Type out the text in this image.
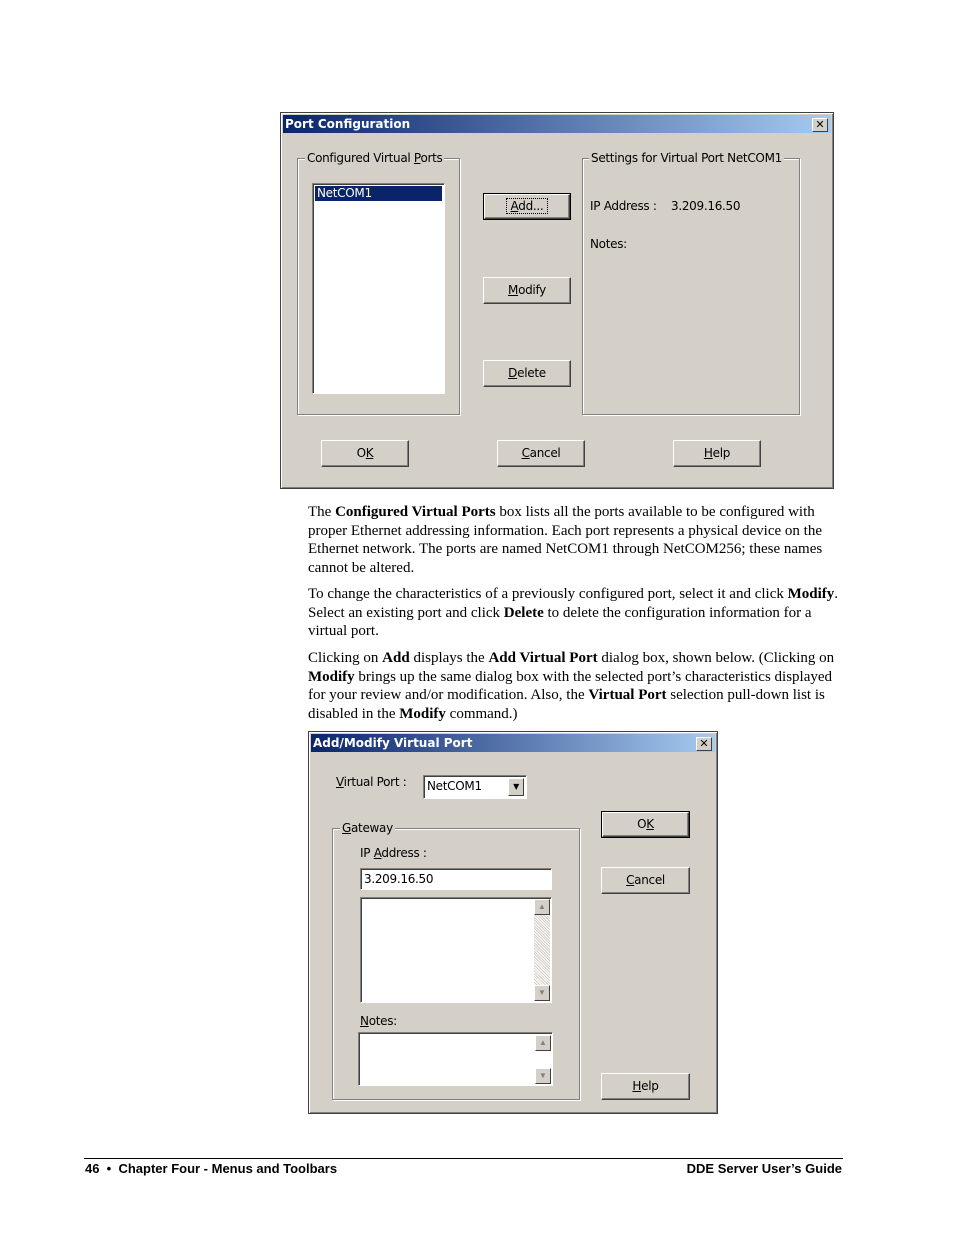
Port Configuration	✕
Configured Virtual Ports
NetCOM1
Add...
Modify
Delete
Settings for Virtual Port NetCOM1
IP Address : 3.209.16.50
Notes:
OK	Cancel	Help

The Configured Virtual Ports box lists all the ports available to be configured with proper Ethernet addressing information. Each port represents a physical device on the Ethernet network. The ports are named NetCOM1 through NetCOM256; these names cannot be altered.

To change the characteristics of a previously configured port, select it and click Modify. Select an existing port and click Delete to delete the configuration information for a virtual port.

Clicking on Add displays the Add Virtual Port dialog box, shown below. (Clicking on Modify brings up the same dialog box with the selected port’s characteristics displayed for your review and/or modification. Also, the Virtual Port selection pull-down list is disabled in the Modify command.)

Add/Modify Virtual Port	✕
Virtual Port :	NetCOM1	▼
Gateway
IP Address :
3.209.16.50
▲
▼
Notes:
▲
▼
OK
Cancel
Help
46  •  Chapter Four - Menus and Toolbars	DDE Server User’s Guide
